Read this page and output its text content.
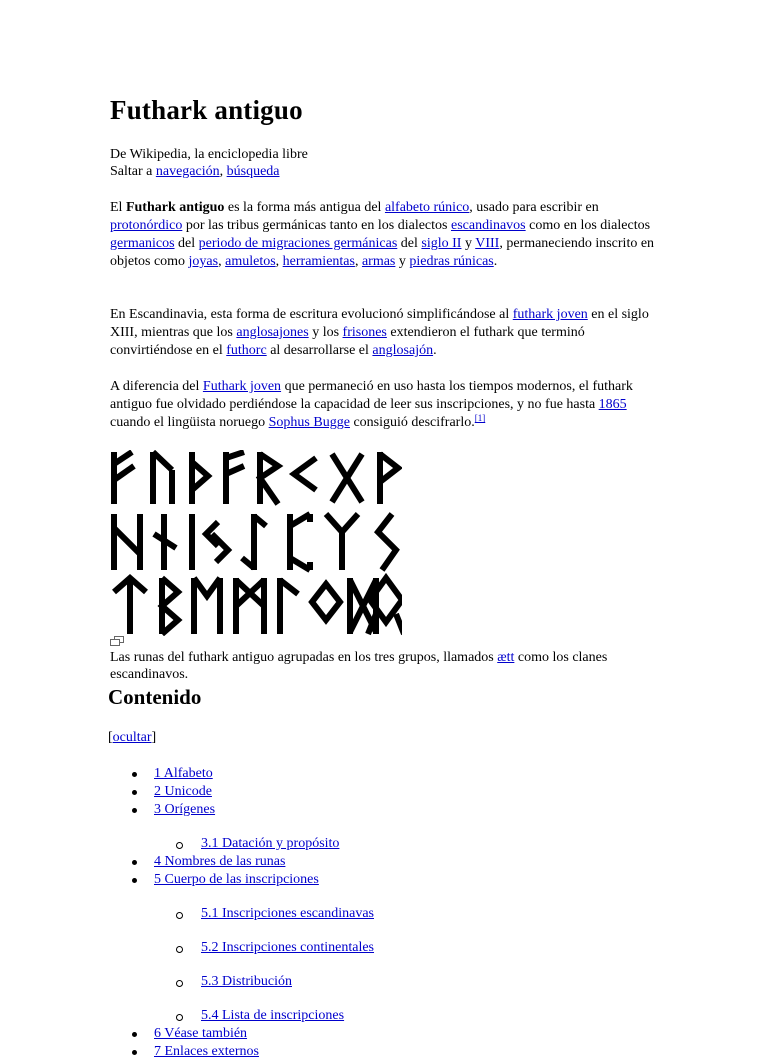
Futhark antiguo
De Wikipedia, la enciclopedia libre
Saltar a navegación, búsqueda

El Futhark antiguo es la forma más antigua del alfabeto rúnico, usado para escribir en protonórdico por las tribus germánicas tanto en los dialectos escandinavos como en los dialectos germanicos del periodo de migraciones germánicas del siglo II y VIII, permaneciendo inscrito en objetos como joyas, amuletos, herramientas, armas y piedras rúnicas.

En Escandinavia, esta forma de escritura evolucionó simplificándose al futhark joven en el siglo XIII, mientras que los anglosajones y los frisones extendieron el futhark que terminó convirtiéndose en el futhorc al desarrollarse el anglosajón.

A diferencia del Futhark joven que permaneció en uso hasta los tiempos modernos, el futhark antiguo fue olvidado perdiéndose la capacidad de leer sus inscripciones, y no fue hasta 1865 cuando el lingüista noruego Sophus Bugge consiguió descifrarlo.[1]

Las runas del futhark antiguo agrupadas en los tres grupos, llamados ætt como los clanes escandinavos.
Contenido
[ocultar]
1 Alfabeto
2 Unicode
3 Orígenes
3.1 Datación y propósito
4 Nombres de las runas
5 Cuerpo de las inscripciones
5.1 Inscripciones escandinavas
5.2 Inscripciones continentales
5.3 Distribución
5.4 Lista de inscripciones
6 Véase también
7 Enlaces externos
